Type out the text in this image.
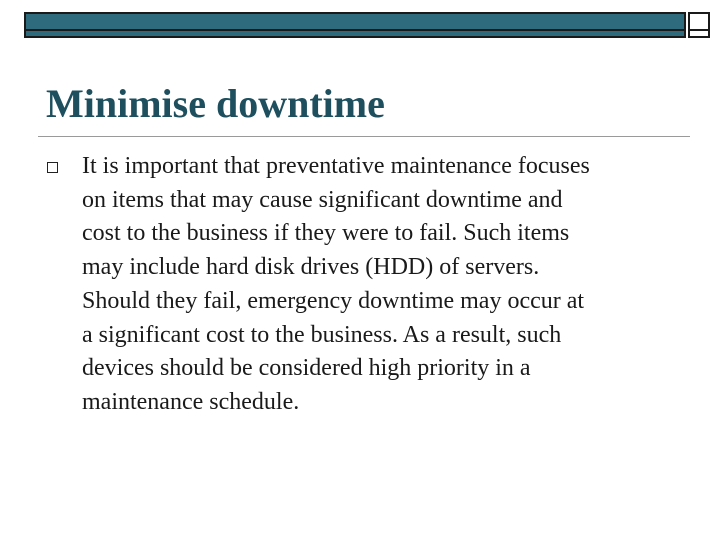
Minimise downtime

It is important that preventative maintenance focuses
on items that may cause significant downtime and
cost to the business if they were to fail. Such items
may include hard disk drives (HDD) of servers.
Should they fail, emergency downtime may occur at
a significant cost to the business. As a result, such
devices should be considered high priority in a
maintenance schedule.
